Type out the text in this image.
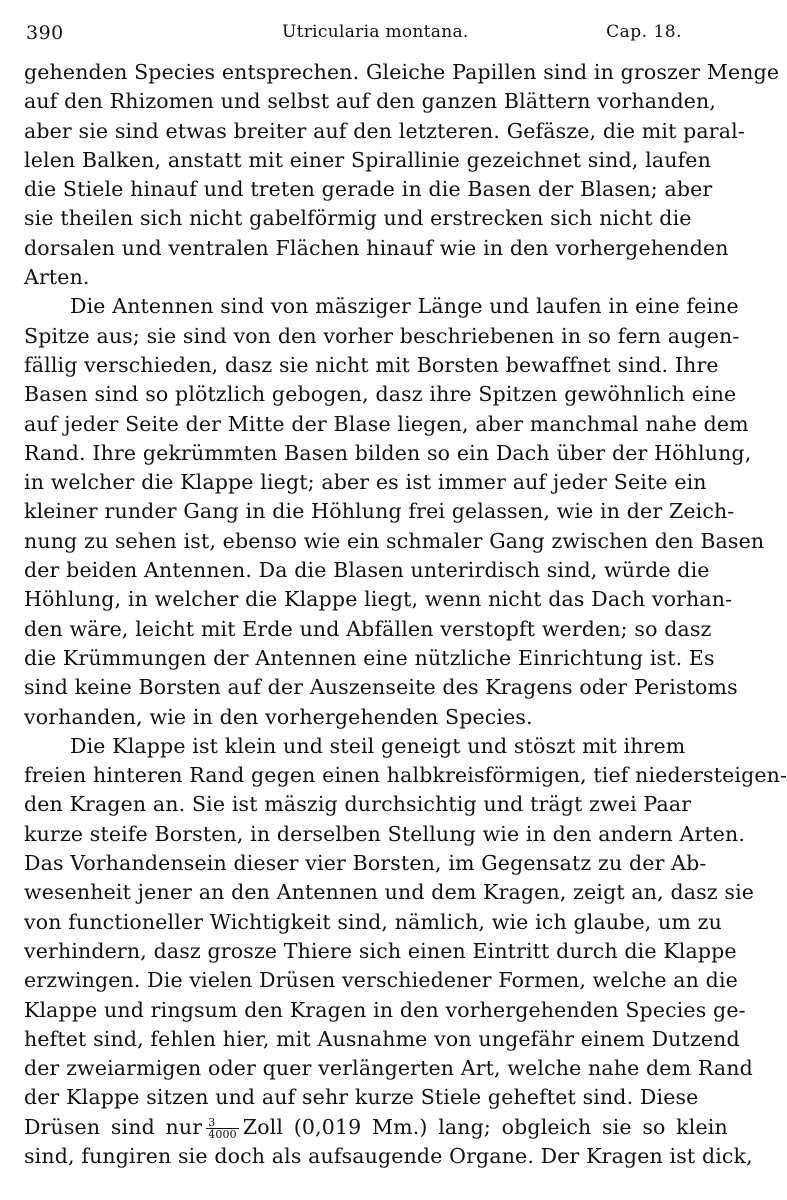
390	Utricularia montana.	Cap. 18.
gehenden Species entsprechen. Gleiche Papillen sind in groszer Menge
auf den Rhizomen und selbst auf den ganzen Blättern vorhanden,
aber sie sind etwas breiter auf den letzteren. Gefäsze, die mit paral-
lelen Balken, anstatt mit einer Spirallinie gezeichnet sind, laufen
die Stiele hinauf und treten gerade in die Basen der Blasen; aber
sie theilen sich nicht gabelförmig und erstrecken sich nicht die
dorsalen und ventralen Flächen hinauf wie in den vorhergehenden
Arten.
Die Antennen sind von mäsziger Länge und laufen in eine feine
Spitze aus; sie sind von den vorher beschriebenen in so fern augen-
fällig verschieden, dasz sie nicht mit Borsten bewaffnet sind. Ihre
Basen sind so plötzlich gebogen, dasz ihre Spitzen gewöhnlich eine
auf jeder Seite der Mitte der Blase liegen, aber manchmal nahe dem
Rand. Ihre gekrümmten Basen bilden so ein Dach über der Höhlung,
in welcher die Klappe liegt; aber es ist immer auf jeder Seite ein
kleiner runder Gang in die Höhlung frei gelassen, wie in der Zeich-
nung zu sehen ist, ebenso wie ein schmaler Gang zwischen den Basen
der beiden Antennen. Da die Blasen unterirdisch sind, würde die
Höhlung, in welcher die Klappe liegt, wenn nicht das Dach vorhan-
den wäre, leicht mit Erde und Abfällen verstopft werden; so dasz
die Krümmungen der Antennen eine nützliche Einrichtung ist. Es
sind keine Borsten auf der Auszenseite des Kragens oder Peristoms
vorhanden, wie in den vorhergehenden Species.
Die Klappe ist klein und steil geneigt und stöszt mit ihrem
freien hinteren Rand gegen einen halbkreisförmigen, tief niedersteigen-
den Kragen an. Sie ist mäszig durchsichtig und trägt zwei Paar
kurze steife Borsten, in derselben Stellung wie in den andern Arten.
Das Vorhandensein dieser vier Borsten, im Gegensatz zu der Ab-
wesenheit jener an den Antennen und dem Kragen, zeigt an, dasz sie
von functioneller Wichtigkeit sind, nämlich, wie ich glaube, um zu
verhindern, dasz grosze Thiere sich einen Eintritt durch die Klappe
erzwingen. Die vielen Drüsen verschiedener Formen, welche an die
Klappe und ringsum den Kragen in den vorhergehenden Species ge-
heftet sind, fehlen hier, mit Ausnahme von ungefähr einem Dutzend
der zweiarmigen oder quer verlängerten Art, welche nahe dem Rand
der Klappe sitzen und auf sehr kurze Stiele geheftet sind. Diese
Drüsen sind nur $\frac{3}{4000}$ Zoll (0,019 Mm.) lang; obgleich sie so klein
sind, fungiren sie doch als aufsaugende Organe. Der Kragen ist dick,
